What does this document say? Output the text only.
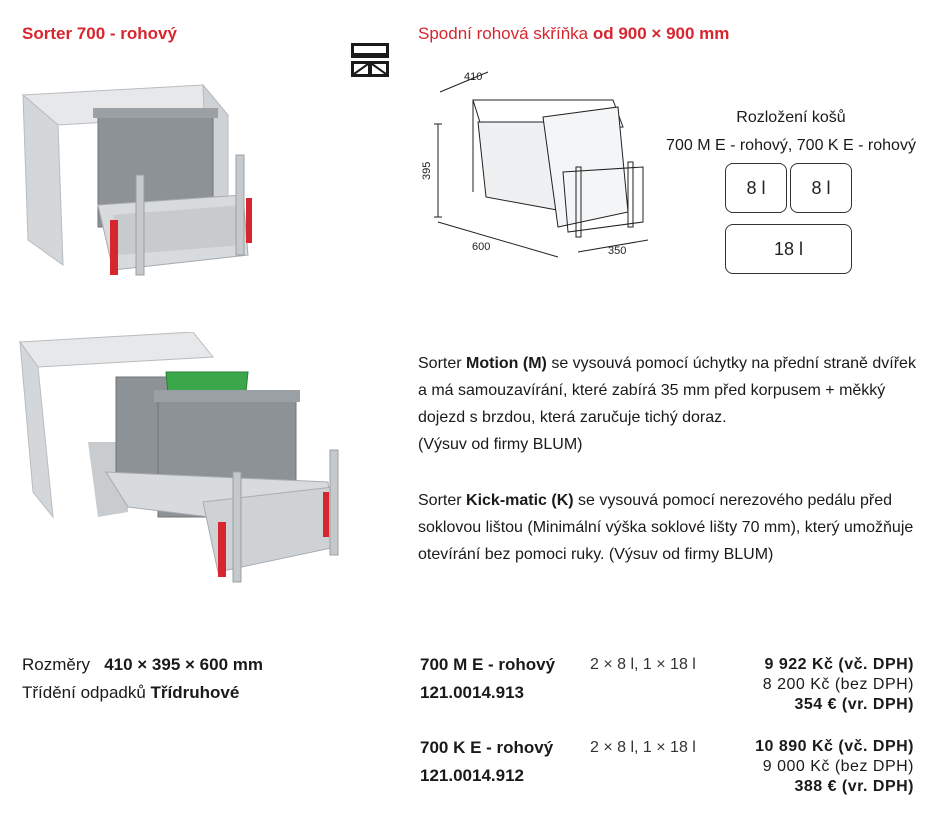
Sorter 700 - rohový	Spodní rohová skříňka od 900 × 900 mm
410
395
600	350
Rozložení košů
700 M E - rohový, 700 K E - rohový
8 l	8 l
18 l
Sorter Motion (M) se vysouvá pomocí úchytky na přední straně dvířek a má samouzavírání, které zabírá 35 mm před korpusem + měkký dojezd s brzdou, která zaručuje tichý doraz.
(Výsuv od firmy BLUM)
Sorter Kick-matic (K) se vysouvá pomocí nerezového pedálu před soklovou lištou (Minimální výška soklové lišty 70 mm), který umožňuje otevírání bez pomoci ruky. (Výsuv od firmy BLUM)
Rozměry 410 × 395 × 600 mm
Třídění odpadků Třídruhové
700 M E - rohový
121.0014.913
2 × 8 l, 1 × 18 l	9 922 Kč (vč. DPH)
8 200 Kč (bez DPH)
354 € (vr. DPH)
700 K E - rohový
121.0014.912
2 × 8 l, 1 × 18 l	10 890 Kč (vč. DPH)
9 000 Kč (bez DPH)
388 € (vr. DPH)
